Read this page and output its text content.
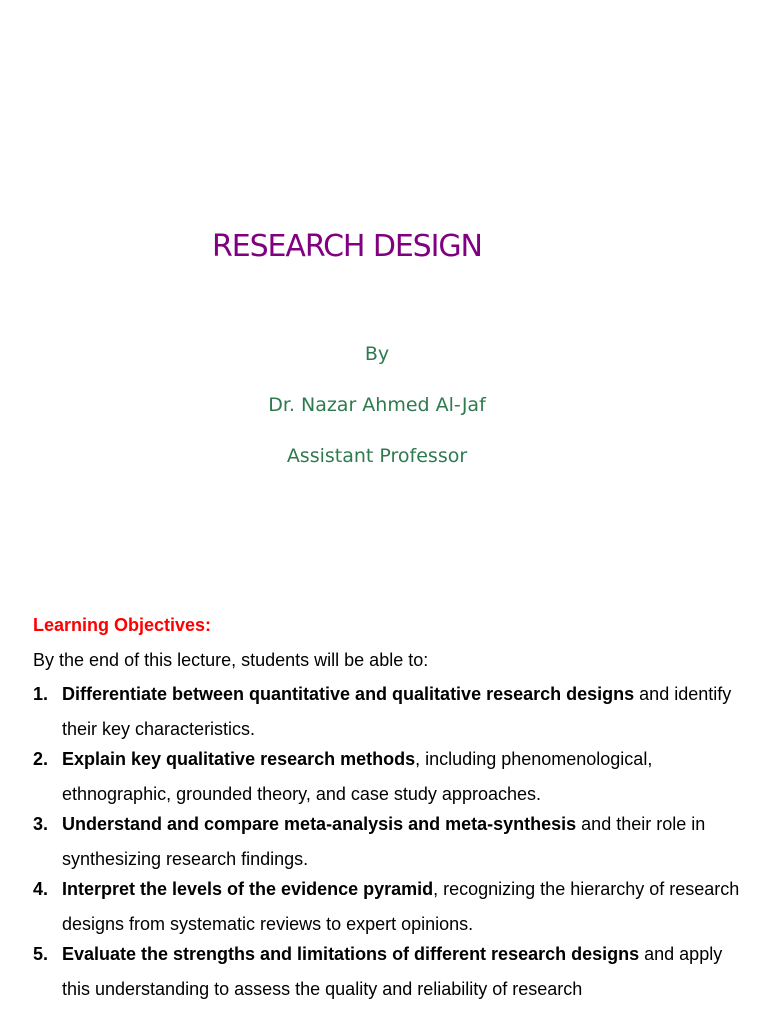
RESEARCH DESIGN

By

Dr. Nazar Ahmed Al-Jaf

Assistant Professor

Learning Objectives:

By the end of this lecture, students will be able to:

1. Differentiate between quantitative and qualitative research designs and identify their key characteristics.
2. Explain key qualitative research methods, including phenomenological, ethnographic, grounded theory, and case study approaches.
3. Understand and compare meta-analysis and meta-synthesis and their role in synthesizing research findings.
4. Interpret the levels of the evidence pyramid, recognizing the hierarchy of research designs from systematic reviews to expert opinions.
5. Evaluate the strengths and limitations of different research designs and apply this understanding to assess the quality and reliability of research
